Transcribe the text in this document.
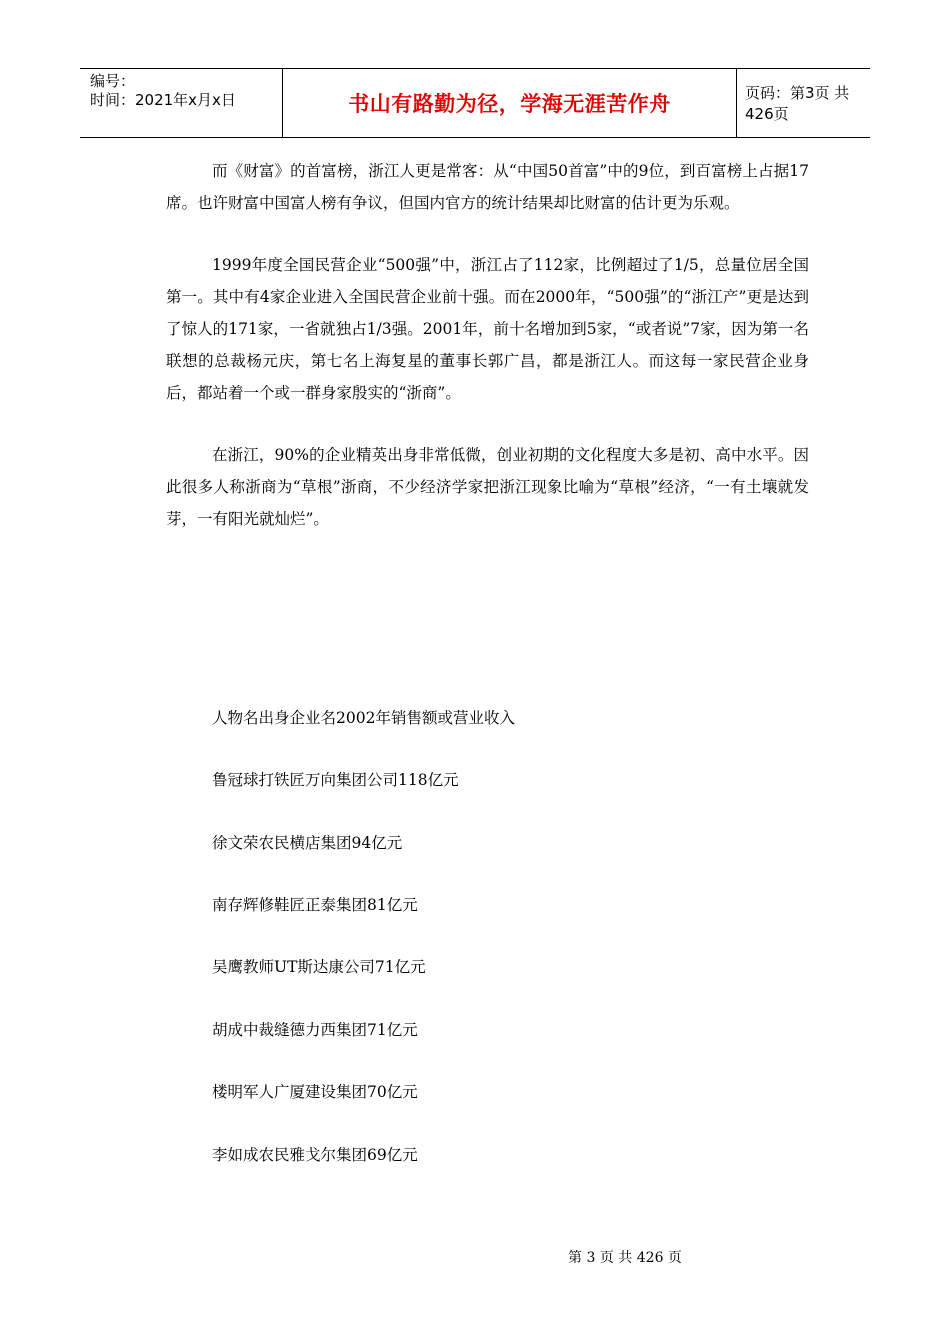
编号：
时间：2021年x月x日	书山有路勤为径，学海无涯苦作舟	页码：第3页 共426页

而《财富》的首富榜，浙江人更是常客：从“中国50首富”中的9位，到百富榜上占据17席。也许财富中国富人榜有争议，但国内官方的统计结果却比财富的估计更为乐观。

1999年度全国民营企业“500强”中，浙江占了112家，比例超过了1/5，总量位居全国第一。其中有4家企业进入全国民营企业前十强。而在2000年，“500强”的“浙江产”更是达到了惊人的171家，一省就独占1/3强。2001年，前十名增加到5家，“或者说”7家，因为第一名联想的总裁杨元庆，第七名上海复星的董事长郭广昌，都是浙江人。而这每一家民营企业身后，都站着一个或一群身家殷实的“浙商”。

在浙江，90%的企业精英出身非常低微，创业初期的文化程度大多是初、高中水平。因此很多人称浙商为“草根”浙商，不少经济学家把浙江现象比喻为“草根”经济，“一有土壤就发芽，一有阳光就灿烂”。

人物名出身企业名2002年销售额或营业收入
鲁冠球打铁匠万向集团公司118亿元
徐文荣农民横店集团94亿元
南存辉修鞋匠正泰集团81亿元
吴鹰教师UT斯达康公司71亿元
胡成中裁缝德力西集团71亿元
楼明军人广厦建设集团70亿元
李如成农民雅戈尔集团69亿元
第 3 页 共 426 页
